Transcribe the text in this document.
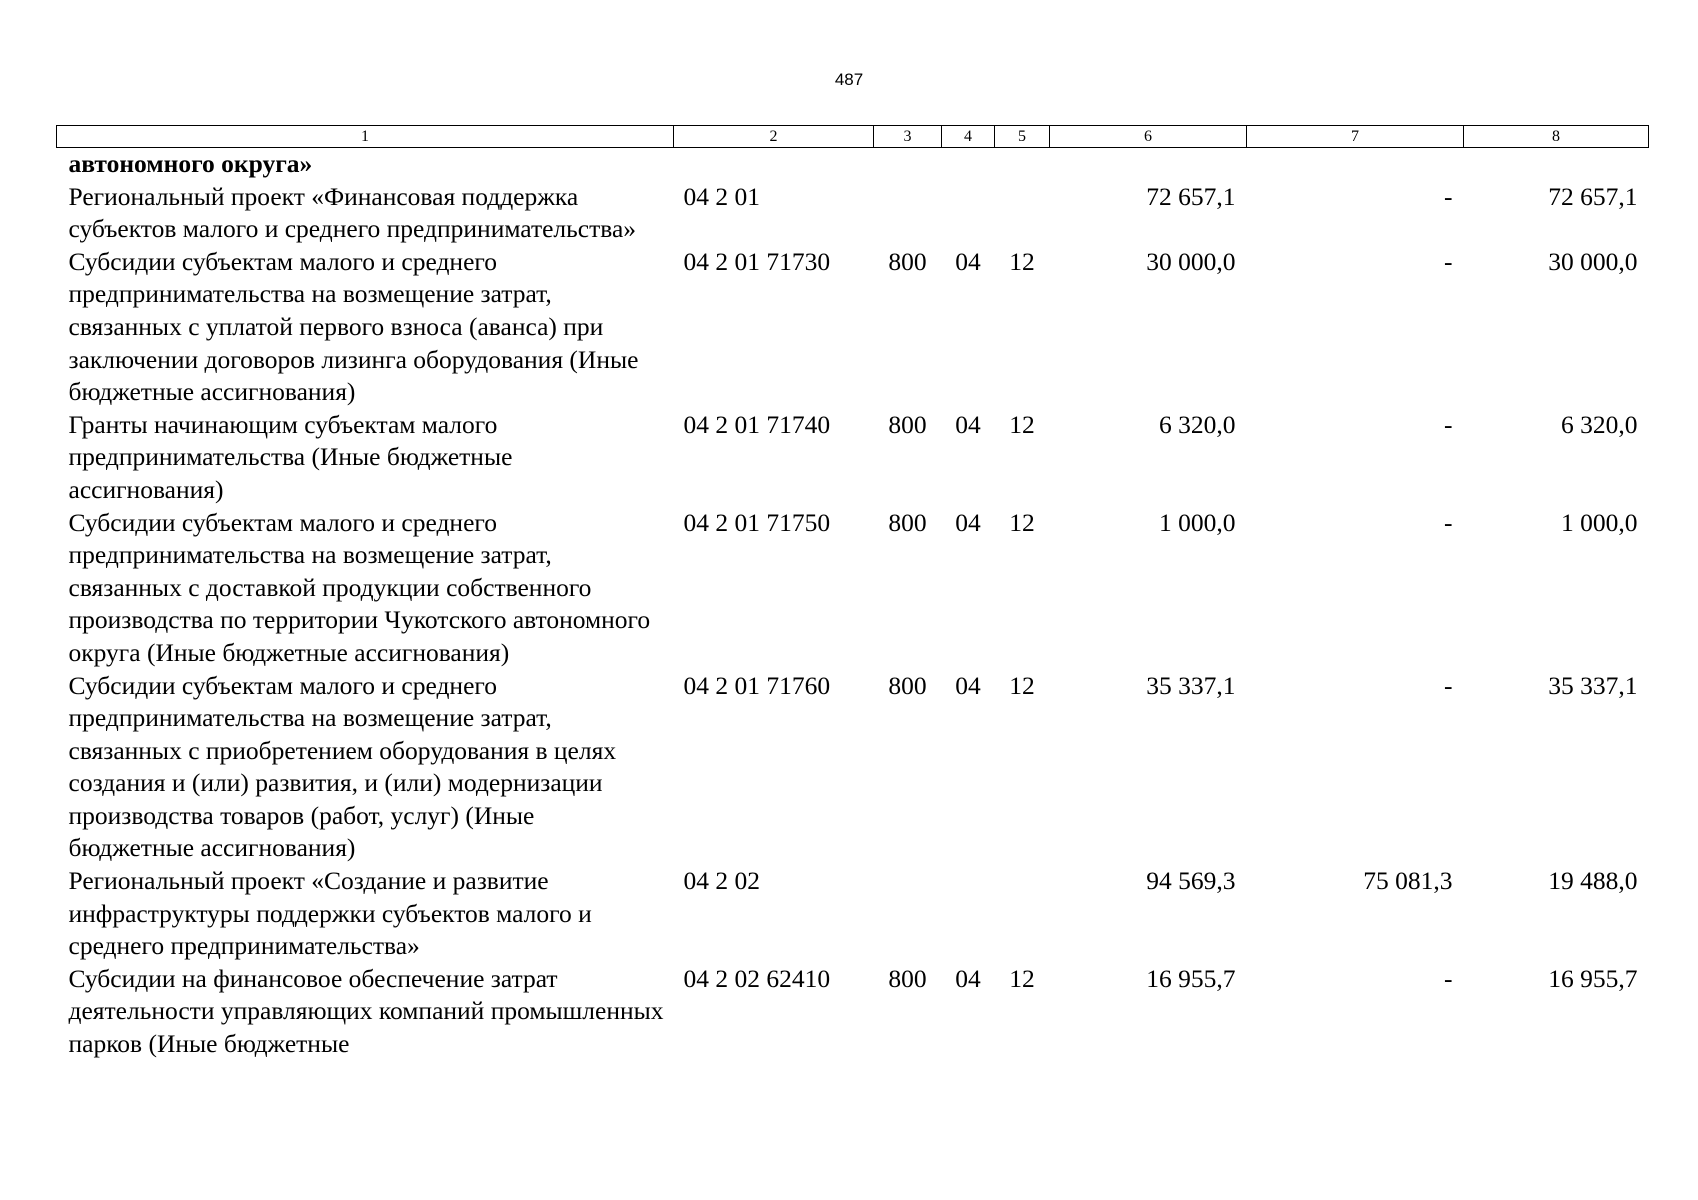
487
1	2	3	4	5	6	7	8
автономного округа»							
Региональный проект «Финансовая поддержка субъектов малого и среднего предпринимательства»	04 2 01				72 657,1	-	72 657,1
Субсидии субъектам малого и среднего предпринимательства на возмещение затрат, связанных с уплатой первого взноса (аванса) при заключении договоров лизинга оборудования (Иные бюджетные ассигнования)	04 2 01 71730	800	04	12	30 000,0	-	30 000,0
Гранты начинающим субъектам малого предпринимательства (Иные бюджетные ассигнования)	04 2 01 71740	800	04	12	6 320,0	-	6 320,0
Субсидии субъектам малого и среднего предпринимательства на возмещение затрат, связанных с доставкой продукции собственного производства по территории Чукотского автономного округа (Иные бюджетные ассигнования)	04 2 01 71750	800	04	12	1 000,0	-	1 000,0
Субсидии субъектам малого и среднего предпринимательства на возмещение затрат, связанных с приобретением оборудования в целях создания и (или) развития, и (или) модернизации производства товаров (работ, услуг) (Иные бюджетные ассигнования)	04 2 01 71760	800	04	12	35 337,1	-	35 337,1
Региональный проект «Создание и развитие инфраструктуры поддержки субъектов малого и среднего предпринимательства»	04 2 02				94 569,3	75 081,3	19 488,0
Субсидии на финансовое обеспечение затрат деятельности управляющих компаний промышленных парков (Иные бюджетные	04 2 02 62410	800	04	12	16 955,7	-	16 955,7
